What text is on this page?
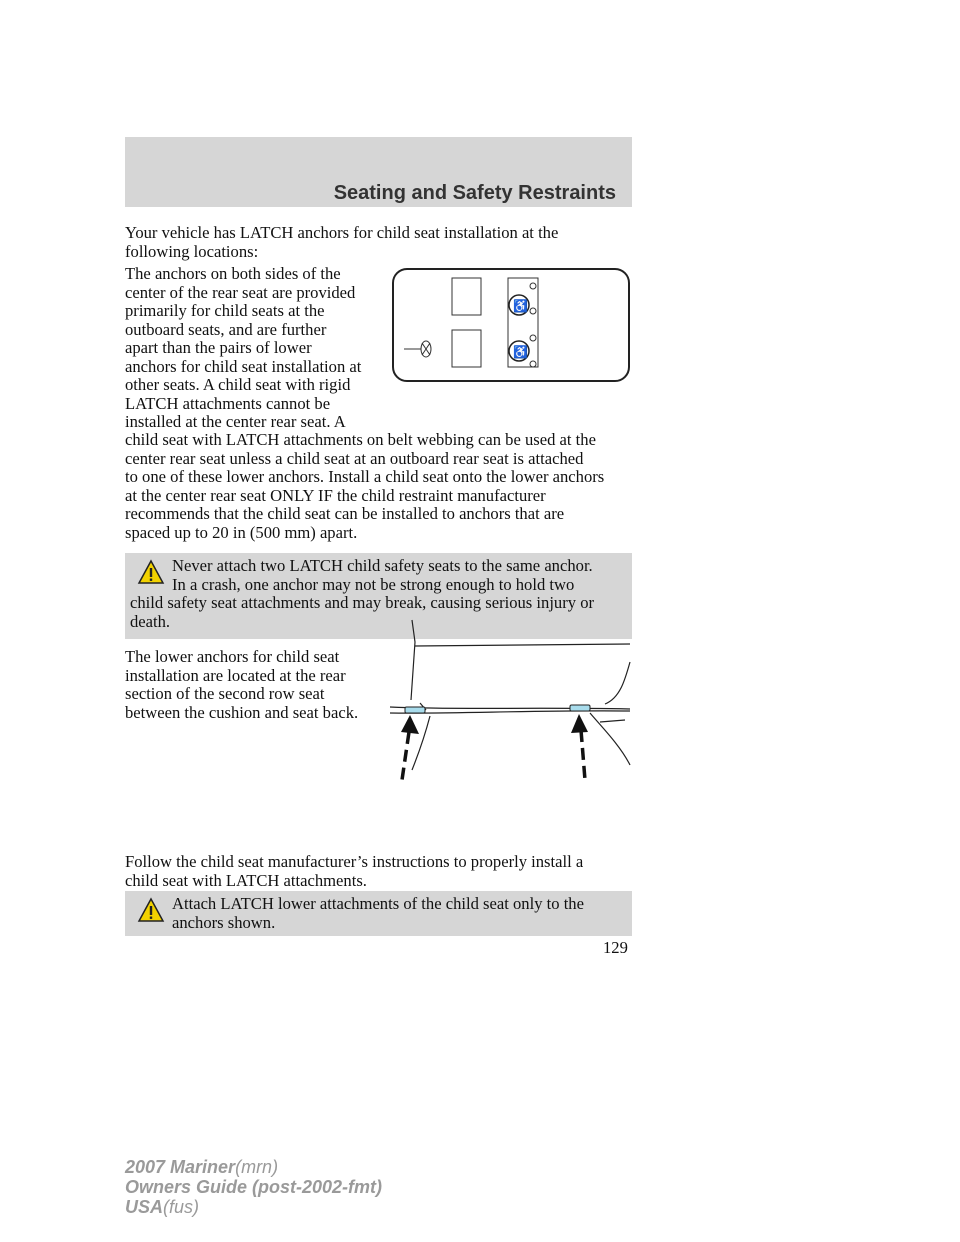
Seating and Safety Restraints
Your vehicle has LATCH anchors for child seat installation at the
following locations:
The anchors on both sides of the
center of the rear seat are provided
primarily for child seats at the
outboard seats, and are further
apart than the pairs of lower
anchors for child seat installation at
other seats. A child seat with rigid
LATCH attachments cannot be
installed at the center rear seat. A
♿
♿
child seat with LATCH attachments on belt webbing can be used at the
center rear seat unless a child seat at an outboard rear seat is attached
to one of these lower anchors. Install a child seat onto the lower anchors
at the center rear seat ONLY IF the child restraint manufacturer
recommends that the child seat can be installed to anchors that are
spaced up to 20 in (500 mm) apart.
Never attach two LATCH child safety seats to the same anchor.
In a crash, one anchor may not be strong enough to hold two
child safety seat attachments and may break, causing serious injury or
death.
The lower anchors for child seat
installation are located at the rear
section of the second row seat
between the cushion and seat back.
Follow the child seat manufacturer’s instructions to properly install a
child seat with LATCH attachments.
Attach LATCH lower attachments of the child seat only to the
anchors shown.
129
2007 Mariner(mrn)
Owners Guide (post-2002-fmt)
USA(fus)
